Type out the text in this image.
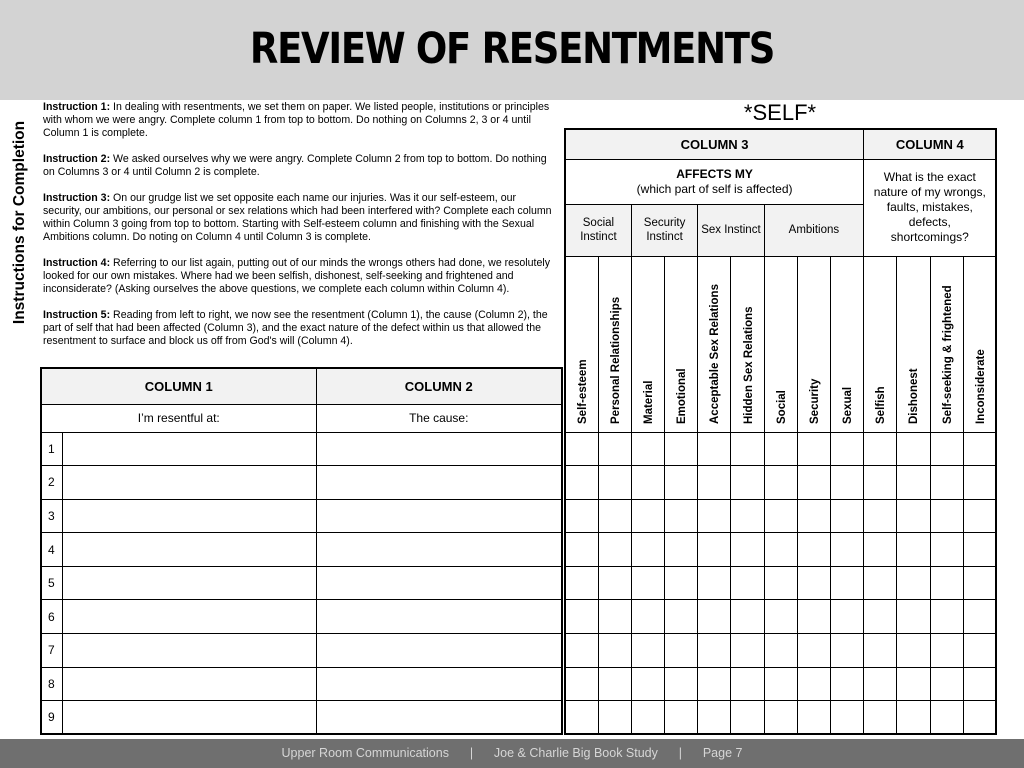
REVIEW OF RESENTMENTS
Instructions for Completion

Instruction 1: In dealing with resentments, we set them on paper. We listed people, institutions or principles with whom we were angry. Complete column 1 from top to bottom. Do nothing on Columns 2, 3 or 4 until Column 1 is complete.

Instruction 2: We asked ourselves why we were angry. Complete Column 2 from top to bottom. Do nothing on Columns 3 or 4 until Column 2 is complete.

Instruction 3: On our grudge list we set opposite each name our injuries. Was it our self-esteem, our security, our ambitions, our personal or sex relations which had been interfered with? Complete each column within Column 3 going from top to bottom. Starting with Self-esteem column and finishing with the Sexual Ambitions column. Do noting on Column 4 until Column 3 is complete.

Instruction 4: Referring to our list again, putting out of our minds the wrongs others had done, we resolutely looked for our own mistakes. Where had we been selfish, dishonest, self-seeking and frightened and inconsiderate? (Asking ourselves the above questions, we complete each column within Column 4).

Instruction 5: Reading from left to right, we now see the resentment (Column 1), the cause (Column 2), the part of self that had been affected (Column 3), and the exact nature of the defect within us that allowed the resentment to surface and block us off from God's will (Column 4).

*SELF*
COLUMN 1		COLUMN 2
I’m resentful at:		The cause:
1		
2		
3		
4		
5		
6		
7		
8		
9		
COLUMN 3									COLUMN 4			
AFFECTS MY
(which part of self is affected)									What is the exact nature of my wrongs, faults, mistakes, defects, shortcomings?			
Social Instinct		Security Instinct		Sex Instinct		Ambitions						

Self-esteem	Personal Relationships	Material	Emotional	Acceptable Sex Relations	Hidden Sex Relations	Social	Security	Sexual	Selfish	Dishonest	Self-seeking & frightened	Inconsiderate

Upper Room Communications | Joe & Charlie Big Book Study | Page 7
